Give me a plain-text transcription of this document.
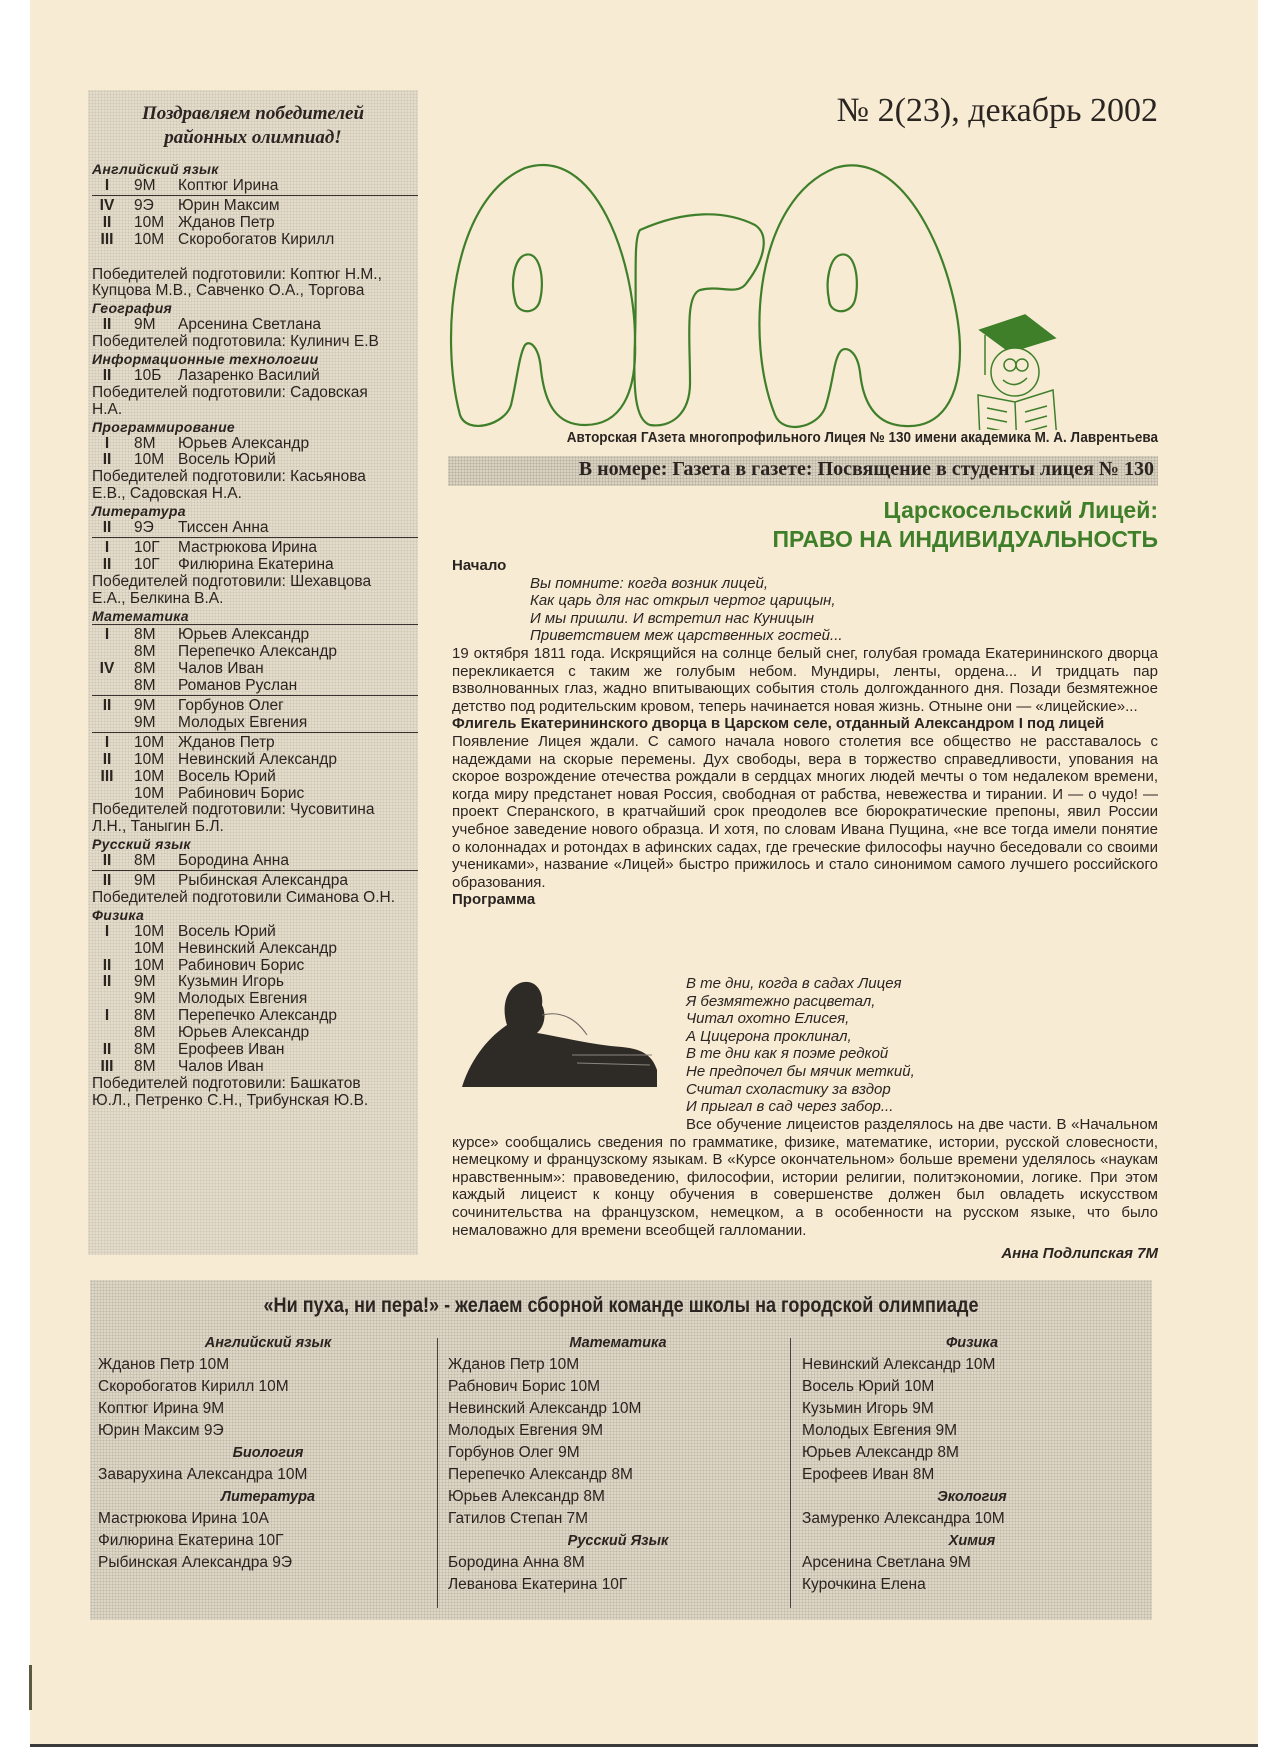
Поздравляем победителей
районных олимпиад!
Английский язык
I	9М	Коптюг Ирина
IV	9Э	Юрин Максим
II	10М Жданов Петр
III	10М Скоробогатов Кирилл
Победителей подготовили: Коптюг Н.М.,
Купцова М.В., Савченко О.А., Торгова
География
II	9М	Арсенина Светлана
Победителей подготовила: Кулинич Е.В
Информационные технологии
II	10Б	Лазаренко Василий
Победителей подготовили: Садовская
Н.А.
Программирование
I	8М	Юрьев Александр
II	10М Восель Юрий
Победителей подготовили: Касьянова
Е.В., Садовская Н.А.
Литература
II	9Э	Тиссен Анна
I	10Г	Мастрюкова Ирина
II	10Г	Филюрина Екатерина
Победителей подготовили: Шехавцова
Е.А., Белкина В.А.
Математика
I	8М	Юрьев Александр
8М	Перепечко Александр
IV	8М	Чалов Иван
8М	Романов Руслан
II	9М	Горбунов Олег
9М	Молодых Евгения
I	10М Жданов Петр
II	10М Невинский Александр
III	10М Восель Юрий
10М Рабинович Борис
Победителей подготовили: Чусовитина
Л.Н., Таныгин Б.Л.
Русский язык
II	8М	Бородина Анна
II	9М	Рыбинская Александра
Победителей подготовили Симанова О.Н.
Физика
I	10М Восель Юрий
10М Невинский Александр
II	10М Рабинович Борис
II	9М	Кузьмин Игорь
9М	Молодых Евгения
I	8М	Перепечко Александр
8М	Юрьев Александр
II	8М	Ерофеев Иван
III	8М	Чалов Иван
Победителей подготовили: Башкатов
Ю.Л., Петренко С.Н., Трибунская Ю.В.
№ 2(23), декабрь 2002
Авторская ГАзета многопрофильного Лицея № 130 имени академика М. А. Лаврентьева
В номере: Газета в газете: Посвящение в студенты лицея № 130
Царскосельский Лицей:
ПРАВО НА ИНДИВИДУАЛЬНОСТЬ
Начало
Вы помните: когда возник лицей,
Как царь для нас открыл чертог царицын,
И мы пришли. И встретил нас Куницын
Приветствием меж царственных гостей...
19 октября 1811 года. Искрящийся на солнце белый снег, голубая громада Екатерининского дворца перекликается с таким же голубым небом. Мундиры, ленты, ордена... И тридцать пар взволнованных глаз, жадно впитывающих события столь долгожданного дня. Позади безмятежное детство под родительским кровом, теперь начинается новая жизнь. Отныне они — «лицейские»...
Флигель Екатерининского дворца в Царском селе, отданный Александром I под лицей
Появление Лицея ждали. С самого начала нового столетия все общество не расставалось с надеждами на скорые перемены. Дух свободы, вера в торжество справедливости, упования на скорое возрождение отечества рождали в сердцах многих людей мечты о том недалеком времени, когда миру предстанет новая Россия, свободная от рабства, невежества и тирании. И — о чудо! — проект Сперанского, в кратчайший срок преодолев все бюрократические препоны, явил России учебное заведение нового образца. И хотя, по словам Ивана Пущина, «не все тогда имели понятие о колоннадах и ротондах в афинских садах, где греческие философы научно беседовали со своими учениками», название «Лицей» быстро прижилось и стало синонимом самого лучшего российского образования.
Программа
В те дни, когда в садах Лицея
Я безмятежно расцветал,
Читал охотно Елисея,
А Цицерона проклинал,
В те дни как я поэме редкой
Не предпочел бы мячик меткий,
Считал схоластику за вздор
И прыгал в сад через забор...
Все обучение лицеистов разделялось на две части. В «Начальном курсе» сообщались сведения по грамматике, физике, математике, истории, русской словесности, немецкому и французскому языкам. В «Курсе окончательном» больше времени уделялось «наукам нравственным»: правоведению, философии, истории религии, политэкономии, логике. При этом каждый лицеист к концу обучения в совершенстве должен был овладеть искусством сочинительства на французском, немецком, а в особенности на русском языке, что было немаловажно для времени всеобщей галломании.
Анна Подлипская 7М
«Ни пуха, ни пера!» - желаем сборной команде школы на городской олимпиаде
Английский язык
Жданов Петр 10М
Скоробогатов Кирилл 10М
Коптюг Ирина 9М
Юрин Максим 9Э
Биология
Заварухина Александра 10М
Литература
Мастрюкова Ирина 10А
Филюрина Екатерина 10Г
Рыбинская Александра 9Э
Математика
Жданов Петр 10М
Рабнович Борис 10М
Невинский Александр 10М
Молодых Евгения 9М
Горбунов Олег 9М
Перепечко Александр 8М
Юрьев Александр 8М
Гатилов Степан 7М
Русский Язык
Бородина Анна 8М
Леванова Екатерина 10Г
Физика
Невинский Александр 10М
Восель Юрий 10М
Кузьмин Игорь 9М
Молодых Евгения 9М
Юрьев Александр 8М
Ерофеев Иван 8М
Экология
Замуренко Александра 10М
Химия
Арсенина Светлана 9М
Курочкина Елена
